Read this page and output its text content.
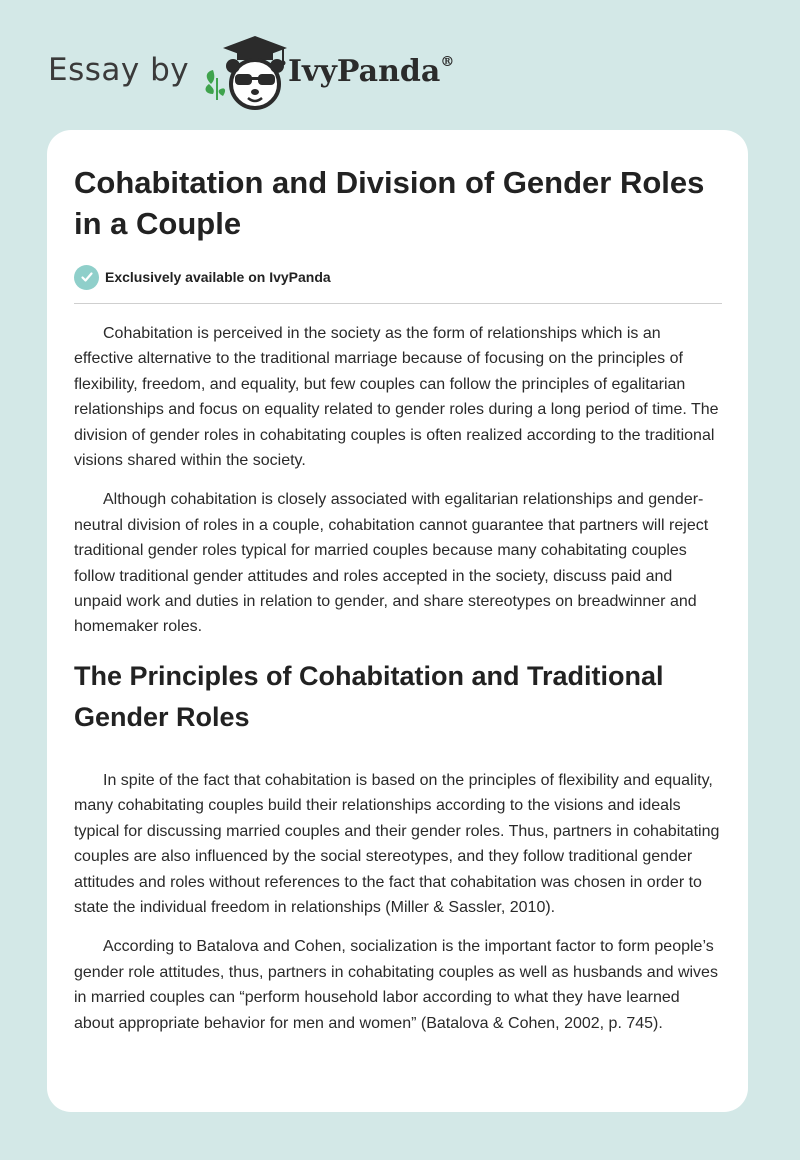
Essay by	IvyPanda®
Cohabitation and Division of Gender Roles in a Couple
Exclusively available on IvyPanda

Cohabitation is perceived in the society as the form of relationships which is an effective alternative to the traditional marriage because of focusing on the principles of flexibility, freedom, and equality, but few couples can follow the principles of egalitarian relationships and focus on equality related to gender roles during a long period of time. The division of gender roles in cohabitating couples is often realized according to the traditional visions shared within the society.

Although cohabitation is closely associated with egalitarian relationships and gender-neutral division of roles in a couple, cohabitation cannot guarantee that partners will reject traditional gender roles typical for married couples because many cohabitating couples follow traditional gender attitudes and roles accepted in the society, discuss paid and unpaid work and duties in relation to gender, and share stereotypes on breadwinner and homemaker roles.

The Principles of Cohabitation and Traditional Gender Roles

In spite of the fact that cohabitation is based on the principles of flexibility and equality, many cohabitating couples build their relationships according to the visions and ideals typical for discussing married couples and their gender roles. Thus, partners in cohabitating couples are also influenced by the social stereotypes, and they follow traditional gender attitudes and roles without references to the fact that cohabitation was chosen in order to state the individual freedom in relationships (Miller & Sassler, 2010).

According to Batalova and Cohen, socialization is the important factor to form people’s gender role attitudes, thus, partners in cohabitating couples as well as husbands and wives in married couples can “perform household labor according to what they have learned about appropriate behavior for men and women” (Batalova & Cohen, 2002, p. 745).
